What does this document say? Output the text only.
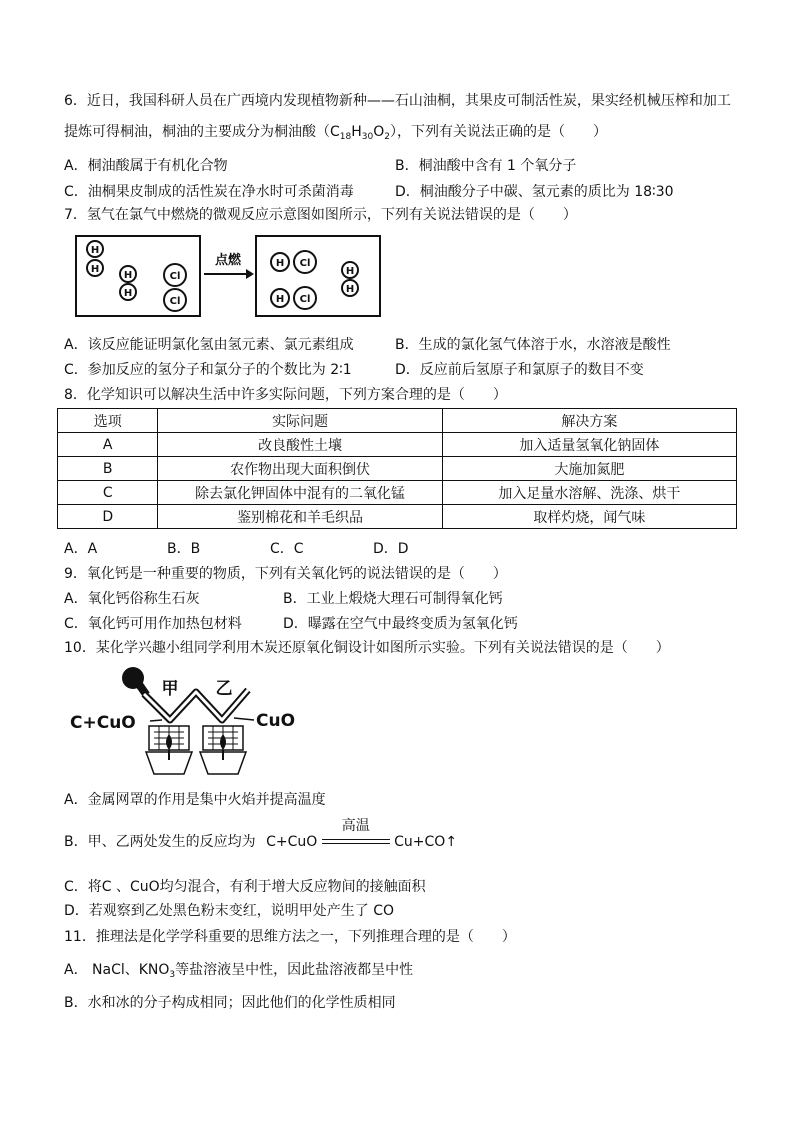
6．近日，我国科研人员在广西境内发现植物新种——石山油桐，其果皮可制活性炭，果实经机械压榨和加工
提炼可得桐油，桐油的主要成分为桐油酸$(C_{18}H_{30}O_2)$，下列有关说法正确的是（　　）
A．桐油酸属于有机化合物	B．桐油酸中含有 1 个氧分子
C．油桐果皮制成的活性炭在净水时可杀菌消毒	D．桐油酸分子中碳、氢元素的质比为 18∶30
7．氢气在氯气中燃烧的微观反应示意图如图所示，下列有关说法错误的是（　　）
H
H
H
H
Cl
Cl
H Cl
H Cl
H
H
点燃
A．该反应能证明氯化氢由氢元素、氯元素组成	B．生成的氯化氢气体溶于水，水溶液是酸性
C．参加反应的氢分子和氯分子的个数比为 2∶1	D．反应前后氢原子和氯原子的数目不变
8．化学知识可以解决生活中许多实际问题，下列方案合理的是（　　）
选项	实际问题	解决方案
A	改良酸性土壤	加入适量氢氧化钠固体
B	农作物出现大面积倒伏	大施加氮肥
C	除去氯化钾固体中混有的二氧化锰	加入足量水溶解、洗涤、烘干
D	鉴别棉花和羊毛织品	取样灼烧，闻气味
A．A	B．B	C．C	D．D
9．氧化钙是一种重要的物质，下列有关氧化钙的说法错误的是（　　）
A．氧化钙俗称生石灰	B．工业上煅烧大理石可制得氧化钙
C．氧化钙可用作加热包材料	D．曝露在空气中最终变质为氢氧化钙
10．某化学兴趣小组同学利用木炭还原氧化铜设计如图所示实验。下列有关说法错误的是（　　）
甲 乙
C+CuO	CuO
A．金属网罩的作用是集中火焰并提高温度
B．甲、乙两处发生的反应均为 C+CuO
高温
Cu+CO↑
C．将C 、CuO均匀混合，有利于增大反应物间的接触面积
D．若观察到乙处黑色粉末变红，说明甲处产生了 CO
11．推理法是化学学科重要的思维方法之一，下列推理合理的是（　　）
A． NaCl、$KNO_3$等盐溶液呈中性，因此盐溶液都呈中性
B．水和冰的分子构成相同；因此他们的化学性质相同
